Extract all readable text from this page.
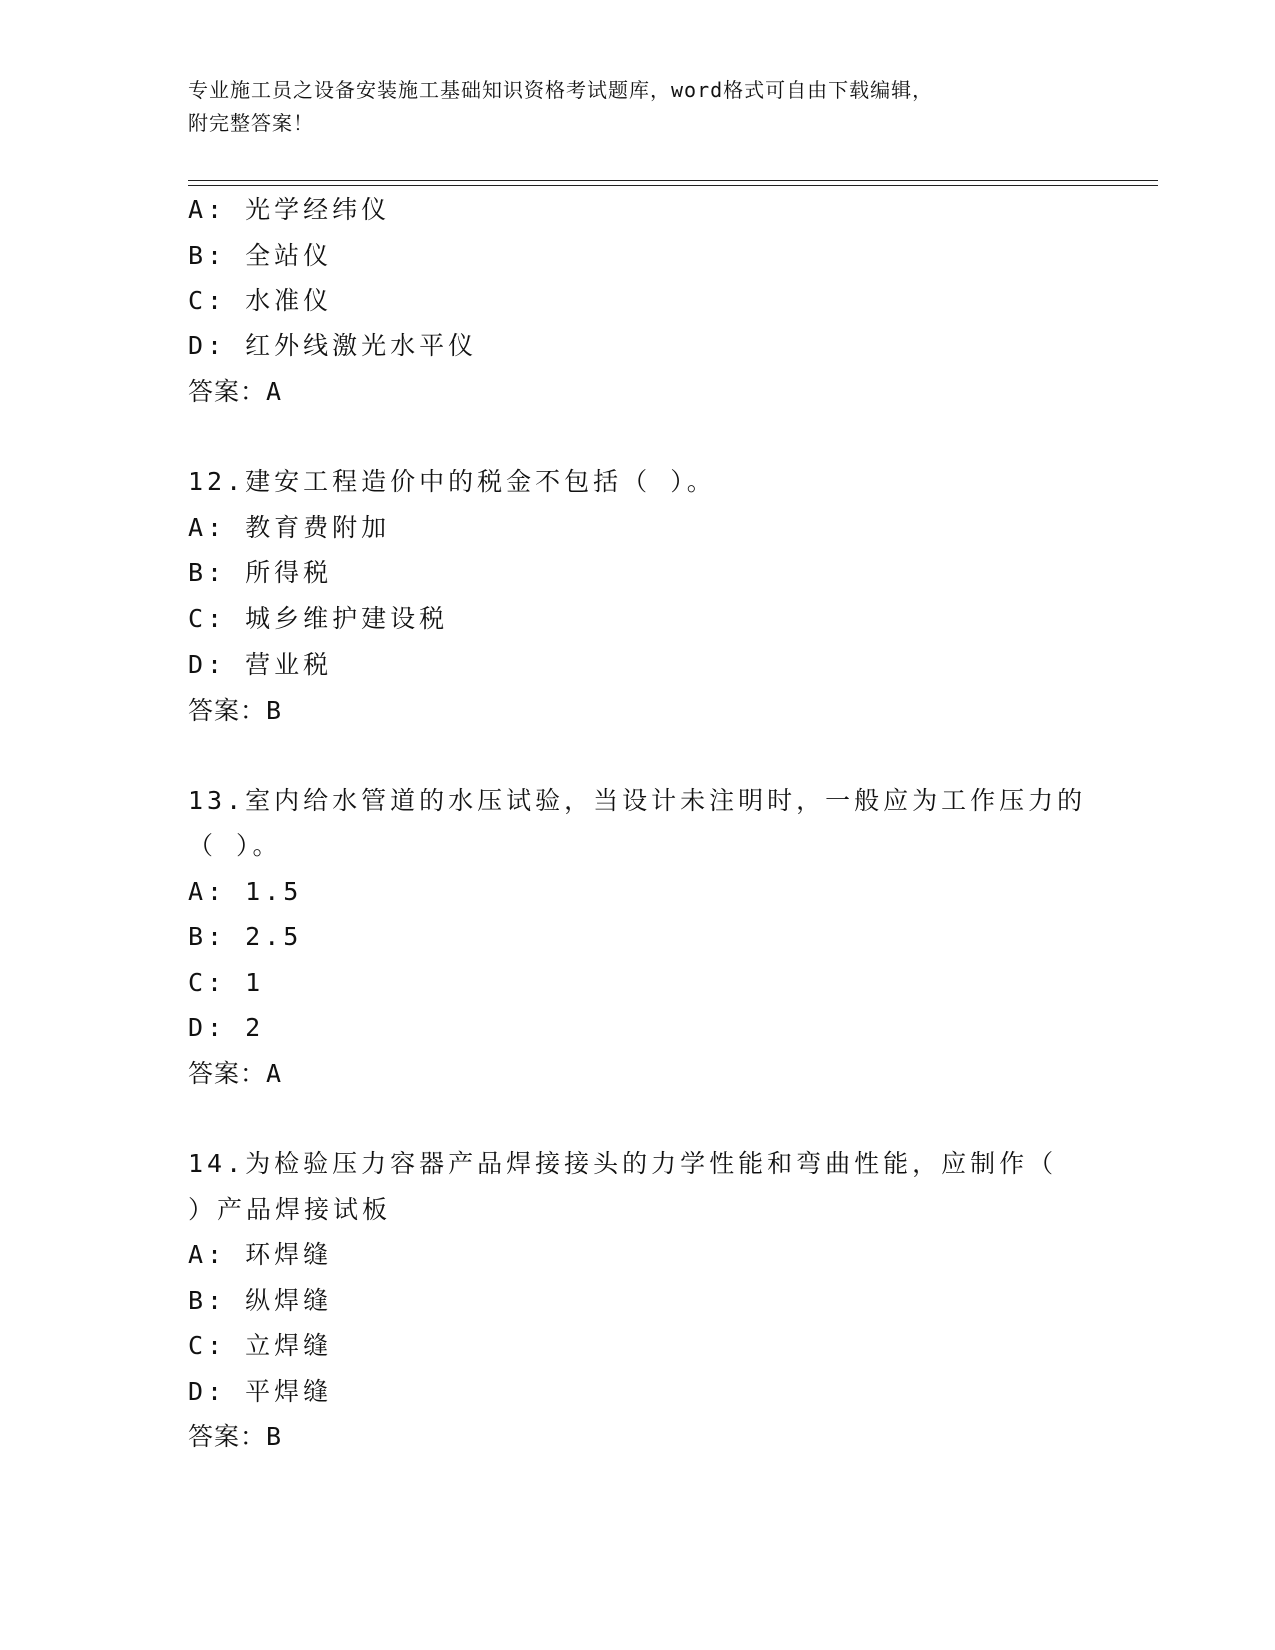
专业施工员之设备安装施工基础知识资格考试题库，word格式可自由下载编辑，
附完整答案！
A: 光学经纬仪
B: 全站仪
C: 水准仪
D: 红外线激光水平仪
答案：A
12.建安工程造价中的税金不包括（ ）。
A: 教育费附加
B: 所得税
C: 城乡维护建设税
D: 营业税
答案：B
13.室内给水管道的水压试验，当设计未注明时，一般应为工作压力的
（ ）。
A: 1.5
B: 2.5
C: 1
D: 2
答案：A
14.为检验压力容器产品焊接接头的力学性能和弯曲性能，应制作（
）产品焊接试板
A: 环焊缝
B: 纵焊缝
C: 立焊缝
D: 平焊缝
答案：B
